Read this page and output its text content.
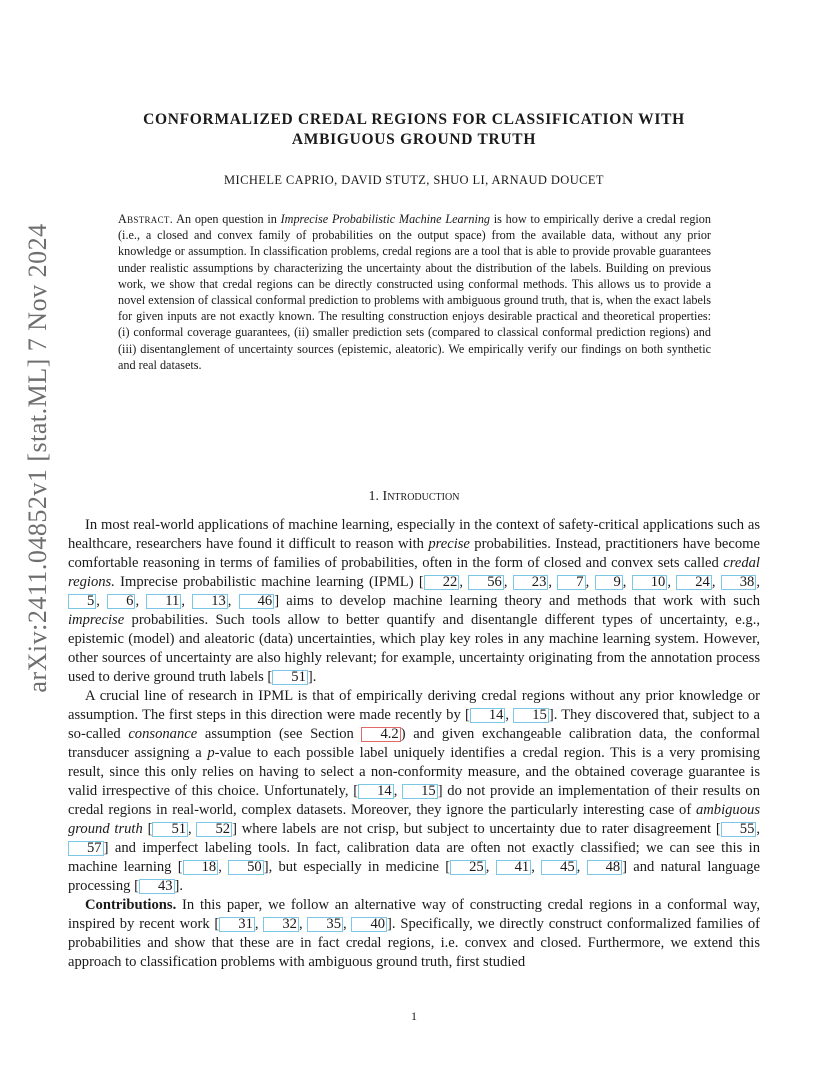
arXiv:2411.04852v1 [stat.ML] 7 Nov 2024
CONFORMALIZED CREDAL REGIONS FOR CLASSIFICATION WITH
AMBIGUOUS GROUND TRUTH
MICHELE CAPRIO, DAVID STUTZ, SHUO LI, ARNAUD DOUCET
Abstract. An open question in Imprecise Probabilistic Machine Learning is how to empirically derive a credal region (i.e., a closed and convex family of probabilities on the output space) from the available data, without any prior knowledge or assumption. In classification problems, credal regions are a tool that is able to provide provable guarantees under realistic assumptions by characterizing the uncertainty about the distribution of the labels. Building on previous work, we show that credal regions can be directly constructed using conformal methods. This allows us to provide a novel extension of classical conformal prediction to problems with ambiguous ground truth, that is, when the exact labels for given inputs are not exactly known. The resulting construction enjoys desirable practical and theoretical properties: (i) conformal coverage guarantees, (ii) smaller prediction sets (compared to classical conformal prediction regions) and (iii) disentanglement of uncertainty sources (epistemic, aleatoric). We empirically verify our findings on both synthetic and real datasets.
1. Introduction

In most real-world applications of machine learning, especially in the context of safety-critical applications such as healthcare, researchers have found it difficult to reason with precise probabilities. Instead, practitioners have become comfortable reasoning in terms of families of probabilities, often in the form of closed and convex sets called credal regions. Imprecise probabilistic machine learning (IPML) [ 22 , 56 , 23 , 7 , 9 , 10 , 24 , 38 , 5 , 6 , 11 , 13 , 46 ] aims to develop machine learning theory and methods that work with such imprecise probabilities. Such tools allow to better quantify and disentangle different types of uncertainty, e.g., epistemic (model) and aleatoric (data) uncertainties, which play key roles in any machine learning system. However, other sources of uncertainty are also highly relevant; for example, uncertainty originating from the annotation process used to derive ground truth labels [ 51 ].

A crucial line of research in IPML is that of empirically deriving credal regions without any prior knowledge or assumption. The first steps in this direction were made recently by [ 14 , 15 ]. They discovered that, subject to a so-called consonance assumption (see Section 4.2 ) and given exchangeable calibration data, the conformal transducer assigning a p-value to each possible label uniquely identifies a credal region. This is a very promising result, since this only relies on having to select a non-conformity measure, and the obtained coverage guarantee is valid irrespective of this choice. Unfortunately, [ 14 , 15 ] do not provide an implementation of their results on credal regions in real-world, complex datasets. Moreover, they ignore the particularly interesting case of ambiguous ground truth [ 51 , 52 ] where labels are not crisp, but subject to uncertainty due to rater disagreement [ 55 , 57 ] and imperfect labeling tools. In fact, calibration data are often not exactly classified; we can see this in machine learning [ 18 , 50 ], but especially in medicine [ 25 , 41 , 45 , 48 ] and natural language processing [ 43 ].

Contributions. In this paper, we follow an alternative way of constructing credal regions in a conformal way, inspired by recent work [ 31 , 32 , 35 , 40 ]. Specifically, we directly construct conformalized families of probabilities and show that these are in fact credal regions, i.e. convex and closed. Furthermore, we extend this approach to classification problems with ambiguous ground truth, first studied

1
